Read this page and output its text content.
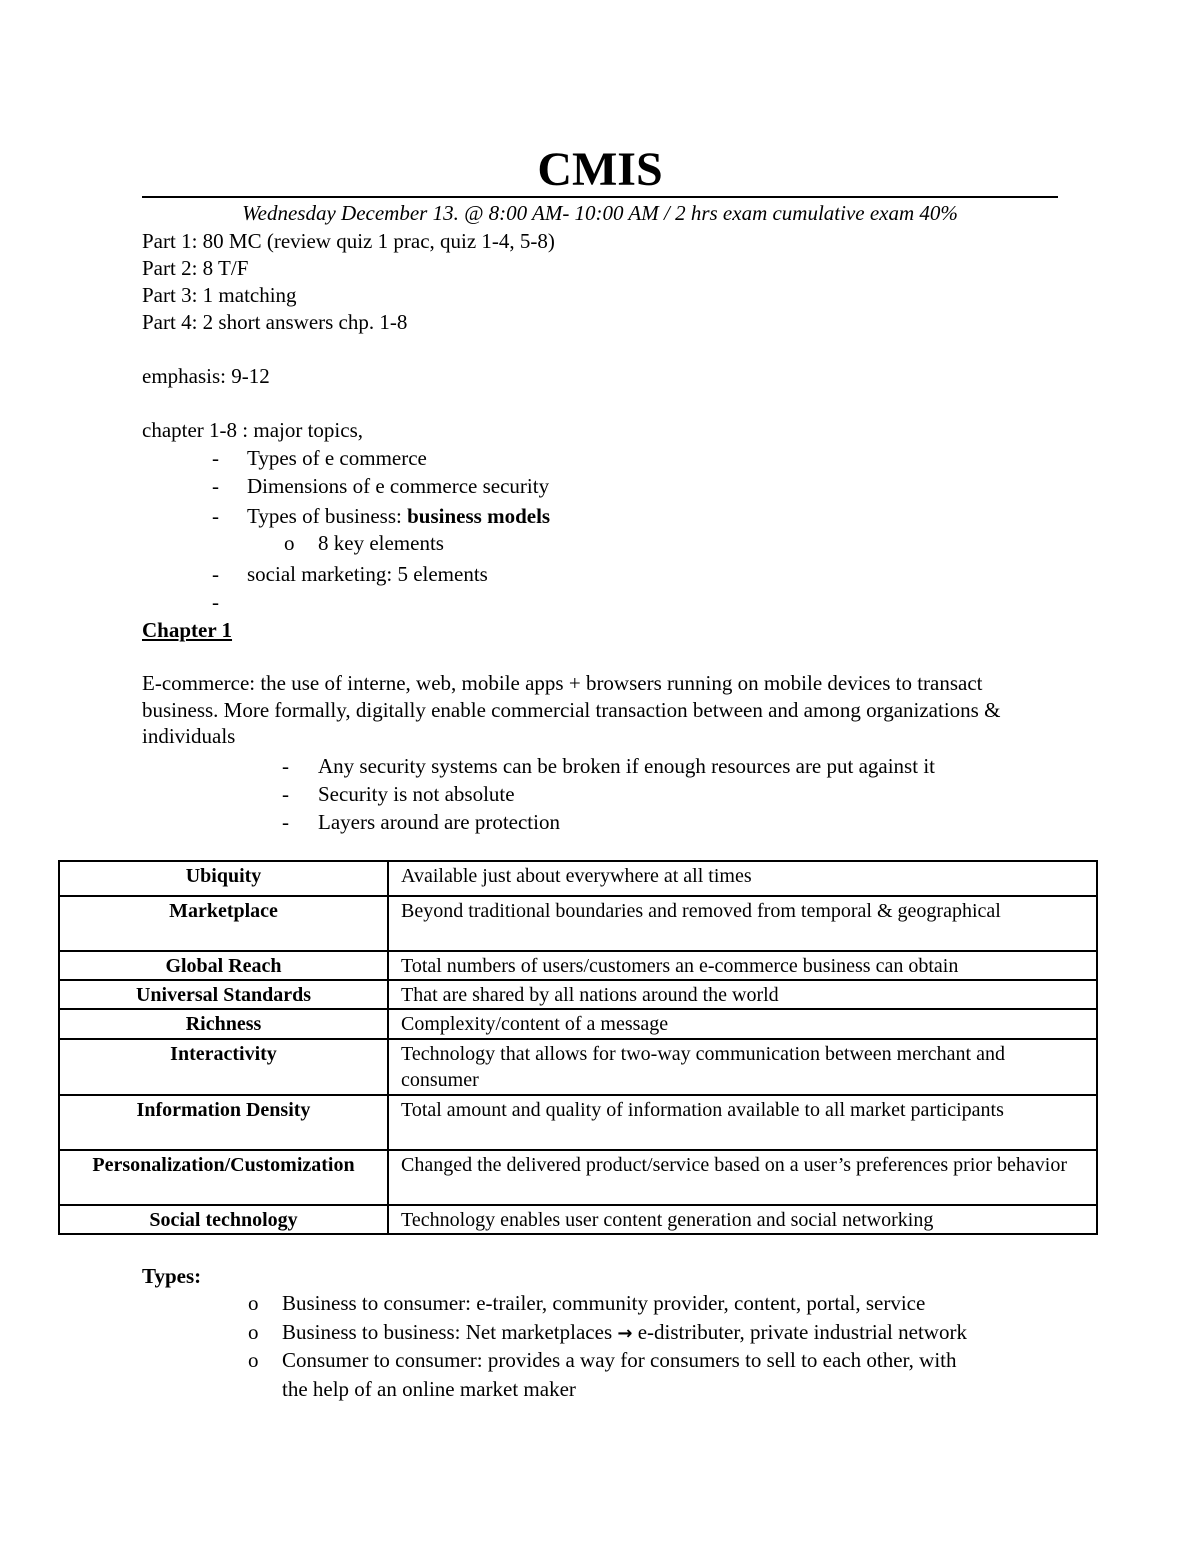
CMIS
Wednesday December 13. @ 8:00 AM- 10:00 AM / 2 hrs exam cumulative exam 40%
Part 1: 80 MC (review quiz 1 prac, quiz 1-4, 5-8)
Part 2: 8 T/F
Part 3: 1 matching
Part 4: 2 short answers chp. 1-8
emphasis: 9-12
chapter 1-8 : major topics,
-	Types of e commerce
-	Dimensions of e commerce security
-	Types of business: business models
o 8 key elements
-	social marketing: 5 elements
-
Chapter 1
E-commerce: the use of interne, web, mobile apps + browsers running on mobile devices to transact business. More formally, digitally enable commercial transaction between and among organizations & individuals
-	Any security systems can be broken if enough resources are put against it
-	Security is not absolute
-	Layers around are protection
Ubiquity	Available just about everywhere at all times
Marketplace	Beyond traditional boundaries and removed from temporal & geographical
Global Reach	Total numbers of users/customers an e-commerce business can obtain
Universal Standards	That are shared by all nations around the world
Richness	Complexity/content of a message
Interactivity	Technology that allows for two-way communication between merchant and consumer
Information Density	Total amount and quality of information available to all market participants
Personalization/Customization	Changed the delivered product/service based on a user’s preferences prior behavior
Social technology	Technology enables user content generation and social networking
Types:
o Business to consumer: e-trailer, community provider, content, portal, service
o Business to business: Net marketplaces → e-distributer, private industrial network
o Consumer to consumer: provides a way for consumers to sell to each other, with
the help of an online market maker
